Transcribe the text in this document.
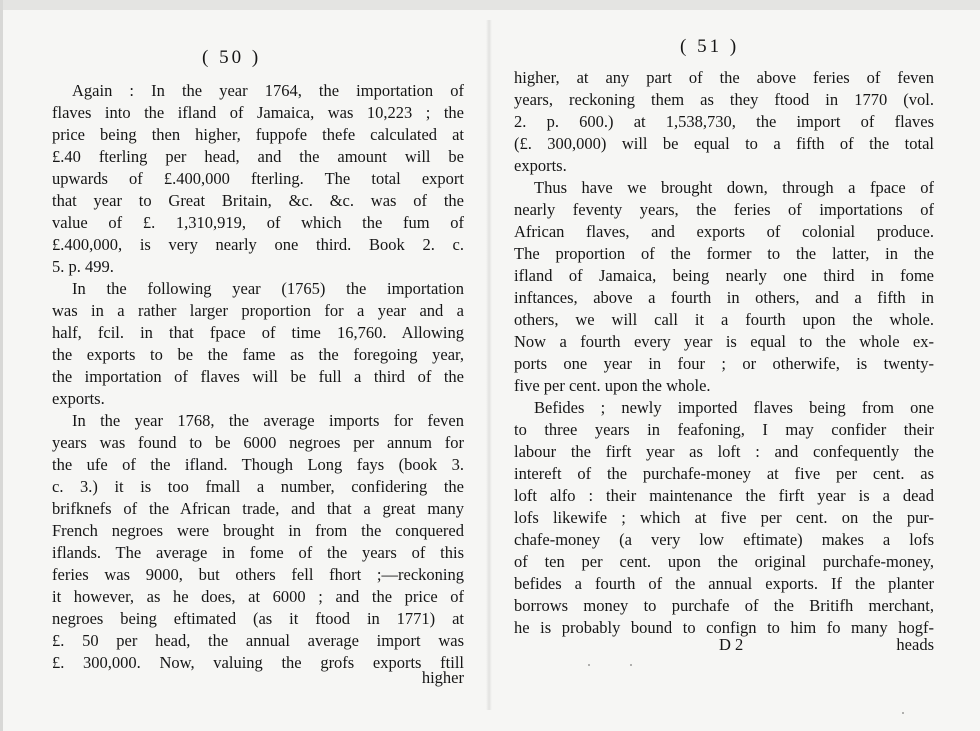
( 50 )
Again : In the year 1764, the importation of
flaves into the ifland of Jamaica, was 10,223 ; the
price being then higher, fuppofe thefe calculated at
£.40 fterling per head, and the amount will be
upwards of £.400,000 fterling. The total export
that year to Great Britain, &c. &c. was of the
value of £. 1,310,919, of which the fum of
£.400,000, is very nearly one third. Book 2. c.
5. p. 499.
In the following year (1765) the importation
was in a rather larger proportion for a year and a
half, fcil. in that fpace of time 16,760. Allowing
the exports to be the fame as the foregoing year,
the importation of flaves will be full a third of the
exports.
In the year 1768, the average imports for feven
years was found to be 6000 negroes per annum for
the ufe of the ifland. Though Long fays (book 3.
c. 3.) it is too fmall a number, confidering the
brifknefs of the African trade, and that a great many
French negroes were brought in from the conquered
iflands. The average in fome of the years of this
feries was 9000, but others fell fhort ;—reckoning
it however, as he does, at 6000 ; and the price of
negroes being eftimated (as it ftood in 1771) at
£. 50 per head, the annual average import was
£. 300,000. Now, valuing the grofs exports ftill
higher
( 51 )
higher, at any part of the above feries of feven
years, reckoning them as they ftood in 1770 (vol.
2. p. 600.) at 1,538,730, the import of flaves
(£. 300,000) will be equal to a fifth of the total
exports.
Thus have we brought down, through a fpace of
nearly feventy years, the feries of importations of
African flaves, and exports of colonial produce.
The proportion of the former to the latter, in the
ifland of Jamaica, being nearly one third in fome
inftances, above a fourth in others, and a fifth in
others, we will call it a fourth upon the whole.
Now a fourth every year is equal to the whole ex-
ports one year in four ; or otherwife, is twenty-
five per cent. upon the whole.
Befides ; newly imported flaves being from one
to three years in feafoning, I may confider their
labour the firft year as loft : and confequently the
intereft of the purchafe-money at five per cent. as
loft alfo : their maintenance the firft year is a dead
lofs likewife ; which at five per cent. on the pur-
chafe-money (a very low eftimate) makes a lofs
of ten per cent. upon the original purchafe-money,
befides a fourth of the annual exports. If the planter
borrows money to purchafe of the Britifh merchant,
he is probably bound to confign to him fo many hogf-
D 2	heads
